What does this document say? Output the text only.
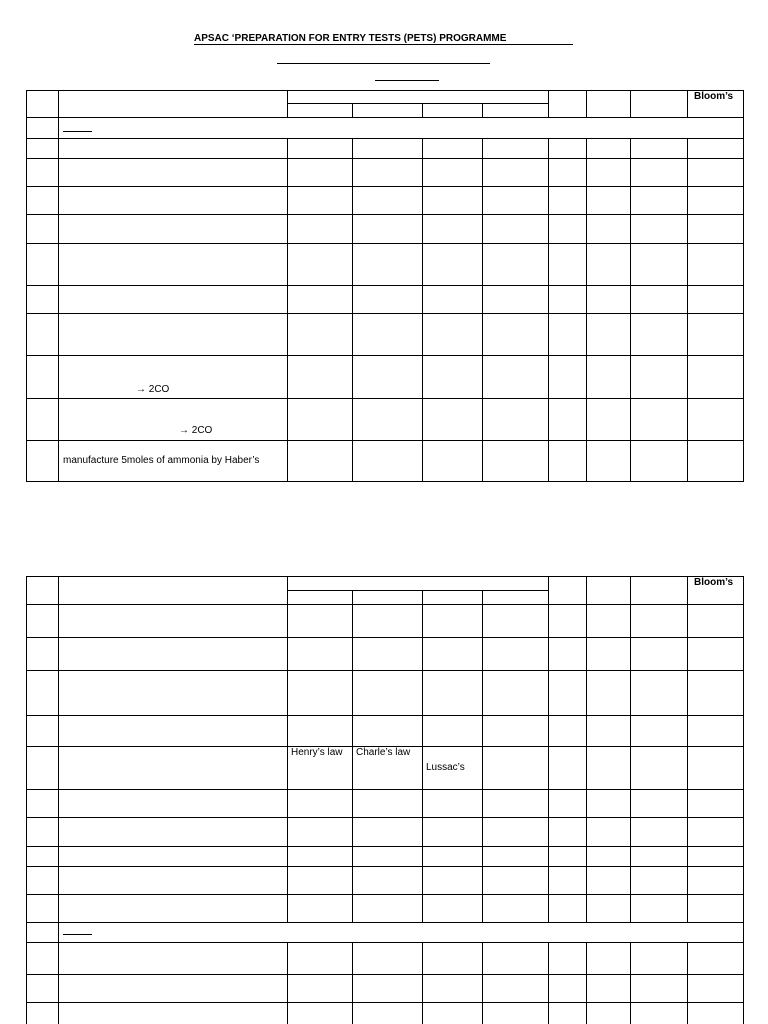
APSAC ‘PREPARATION FOR ENTRY TESTS (PETS) PROGRAMME
Bloom’s
→ 2CO
→ 2CO
manufacture 5moles of ammonia by Haber’s
Bloom’s
Henry’s law Charle’s law
Lussac’s
